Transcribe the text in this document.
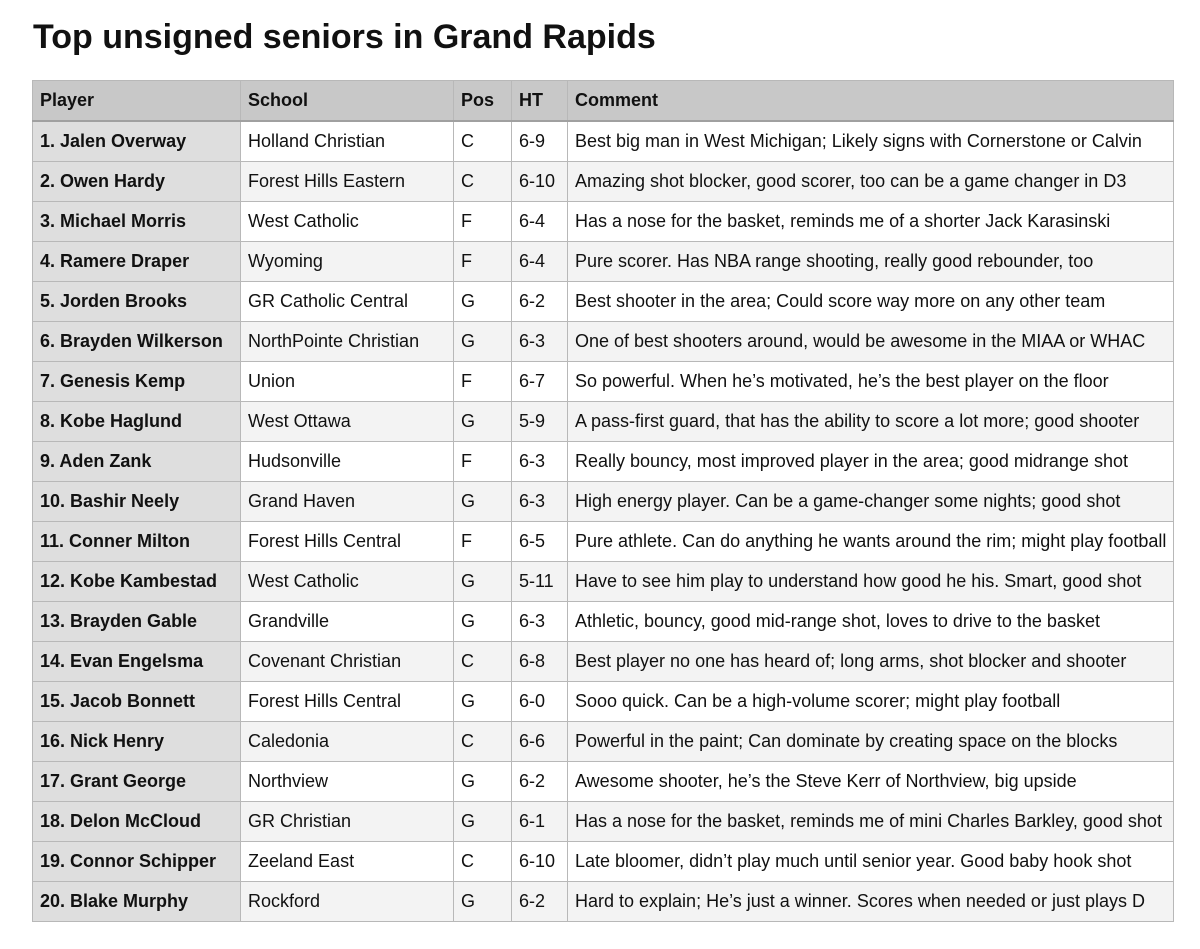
Top unsigned seniors in Grand Rapids
Player	School	Pos	HT	Comment
1. Jalen Overway	Holland Christian	C	6-9	Best big man in West Michigan; Likely signs with Cornerstone or Calvin
2. Owen Hardy	Forest Hills Eastern	C	6-10	Amazing shot blocker, good scorer, too can be a game changer in D3
3. Michael Morris	West Catholic	F	6-4	Has a nose for the basket, reminds me of a shorter Jack Karasinski
4. Ramere Draper	Wyoming	F	6-4	Pure scorer. Has NBA range shooting, really good rebounder, too
5. Jorden Brooks	GR Catholic Central	G	6-2	Best shooter in the area; Could score way more on any other team
6. Brayden Wilkerson	NorthPointe Christian	G	6-3	One of best shooters around, would be awesome in the MIAA or WHAC
7. Genesis Kemp	Union	F	6-7	So powerful. When he’s motivated, he’s the best player on the floor
8. Kobe Haglund	West Ottawa	G	5-9	A pass-first guard, that has the ability to score a lot more; good shooter
9. Aden Zank	Hudsonville	F	6-3	Really bouncy, most improved player in the area; good midrange shot
10. Bashir Neely	Grand Haven	G	6-3	High energy player. Can be a game-changer some nights; good shot
11. Conner Milton	Forest Hills Central	F	6-5	Pure athlete. Can do anything he wants around the rim; might play football
12. Kobe Kambestad	West Catholic	G	5-11	Have to see him play to understand how good he his. Smart, good shot
13. Brayden Gable	Grandville	G	6-3	Athletic, bouncy, good mid-range shot, loves to drive to the basket
14. Evan Engelsma	Covenant Christian	C	6-8	Best player no one has heard of; long arms, shot blocker and shooter
15. Jacob Bonnett	Forest Hills Central	G	6-0	Sooo quick. Can be a high-volume scorer; might play football
16. Nick Henry	Caledonia	C	6-6	Powerful in the paint; Can dominate by creating space on the blocks
17. Grant George	Northview	G	6-2	Awesome shooter, he’s the Steve Kerr of Northview, big upside
18. Delon McCloud	GR Christian	G	6-1	Has a nose for the basket, reminds me of mini Charles Barkley, good shot
19. Connor Schipper	Zeeland East	C	6-10	Late bloomer, didn’t play much until senior year. Good baby hook shot
20. Blake Murphy	Rockford	G	6-2	Hard to explain; He’s just a winner. Scores when needed or just plays D
